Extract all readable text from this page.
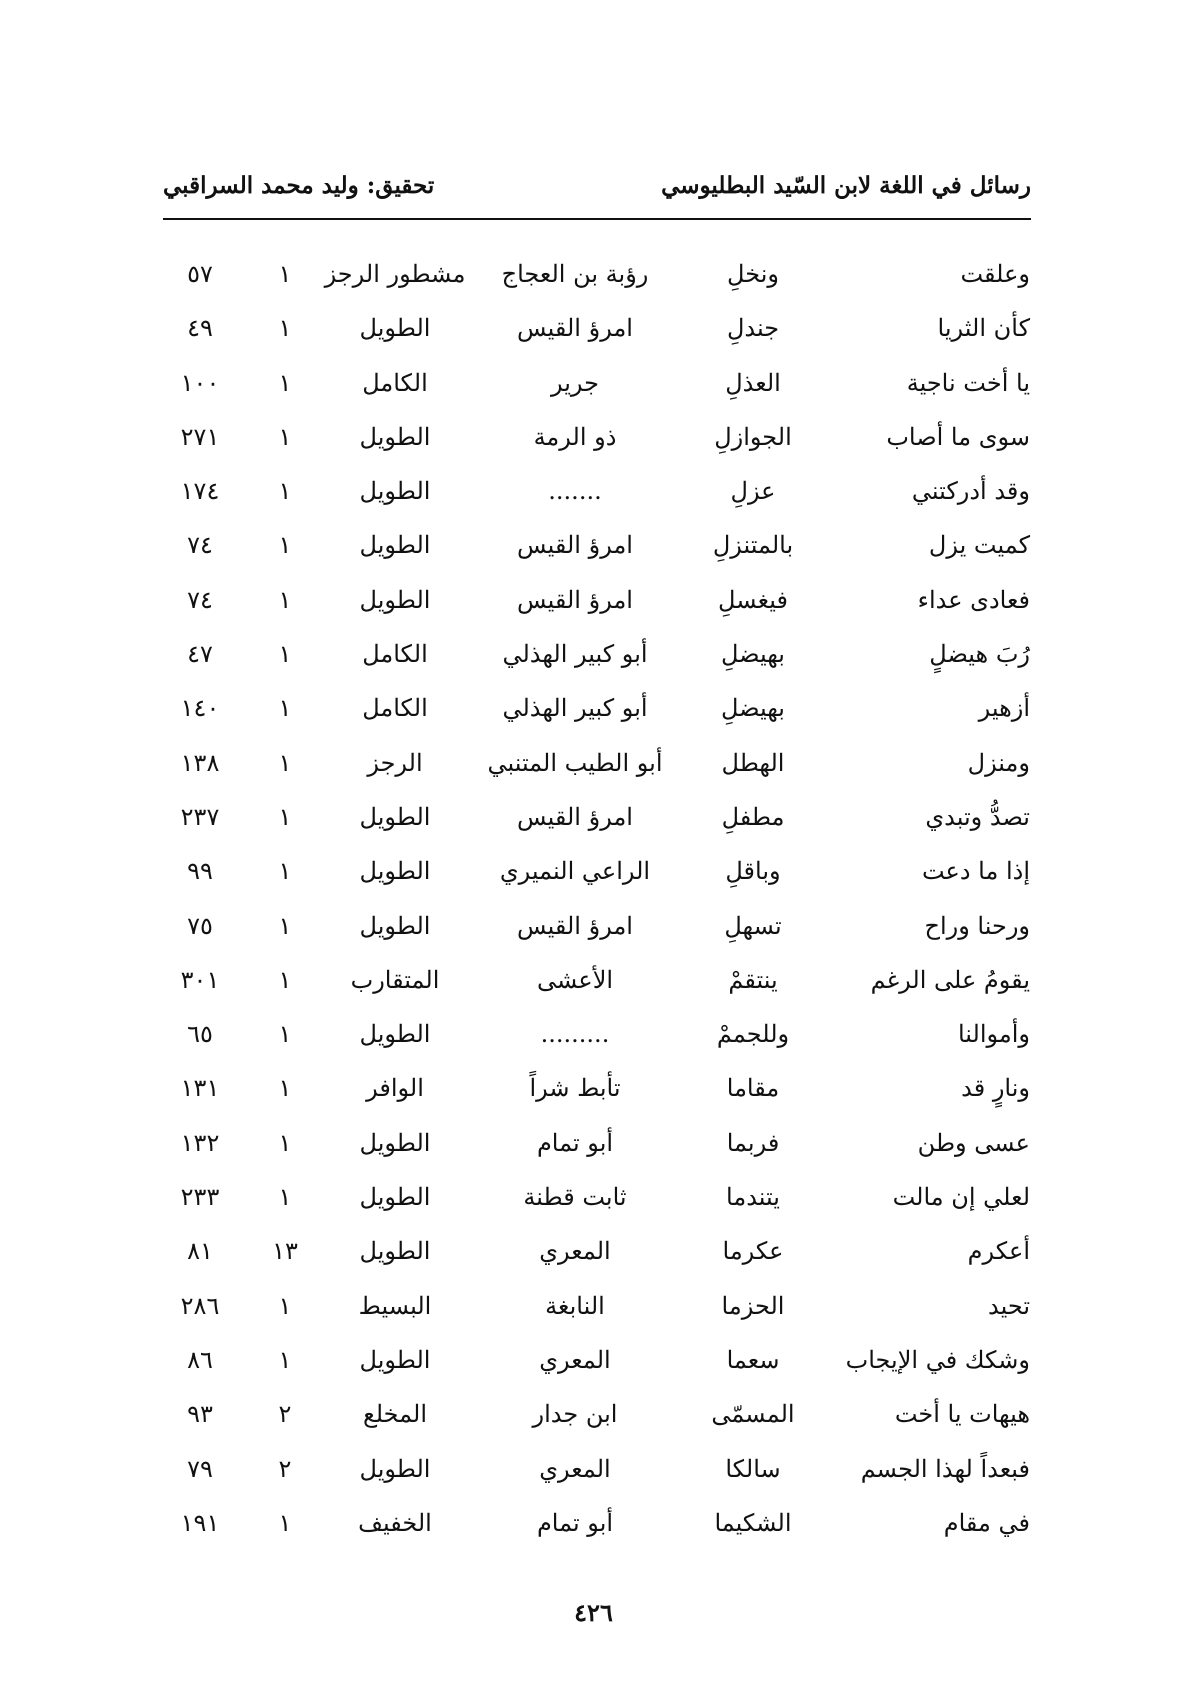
رسائل في اللغة لابن السّيد البطليوسي
تحقيق: وليد محمد السراقبي
وعلقت
ونخلِ
رؤبة بن العجاج
مشطور الرجز
١
٥٧
كأن الثريا
جندلِ
امرؤ القيس
الطويل
١
٤٩
يا أخت ناجية
العذلِ
جرير
الكامل
١
١٠٠
سوى ما أصاب
الجوازلِ
ذو الرمة
الطويل
١
٢٧١
وقد أدركتني
عزلِ
.......
الطويل
١
١٧٤
كميت يزل
بالمتنزلِ
امرؤ القيس
الطويل
١
٧٤
فعادى عداء
فيغسلِ
امرؤ القيس
الطويل
١
٧٤
رُبَ هيضلٍ
بهيضلِ
أبو كبير الهذلي
الكامل
١
٤٧
أزهير
بهيضلِ
أبو كبير الهذلي
الكامل
١
١٤٠
ومنزل
الهطل
أبو الطيب المتنبي
الرجز
١
١٣٨
تصدُّ وتبدي
مطفلِ
امرؤ القيس
الطويل
١
٢٣٧
إذا ما دعت
وباقلِ
الراعي النميري
الطويل
١
٩٩
ورحنا وراح
تسهلِ
امرؤ القيس
الطويل
١
٧٥
يقومُ على الرغم
ينتقمْ
الأعشى
المتقارب
١
٣٠١
وأموالنا
وللجممْ
.........
الطويل
١
٦٥
ونارٍ قد
مقاما
تأبط شراً
الوافر
١
١٣١
عسى وطن
فربما
أبو تمام
الطويل
١
١٣٢
لعلي إن مالت
يتندما
ثابت قطنة
الطويل
١
٢٣٣
أعكرم
عكرما
المعري
الطويل
١٣
٨١
تحيد
الحزما
النابغة
البسيط
١
٢٨٦
وشكك في الإيجاب
سعما
المعري
الطويل
١
٨٦
هيهات يا أخت
المسمّى
ابن جدار
المخلع
٢
٩٣
فبعداً لهذا الجسم
سالكا
المعري
الطويل
٢
٧٩
في مقام
الشكيما
أبو تمام
الخفيف
١
١٩١
٤٢٦
